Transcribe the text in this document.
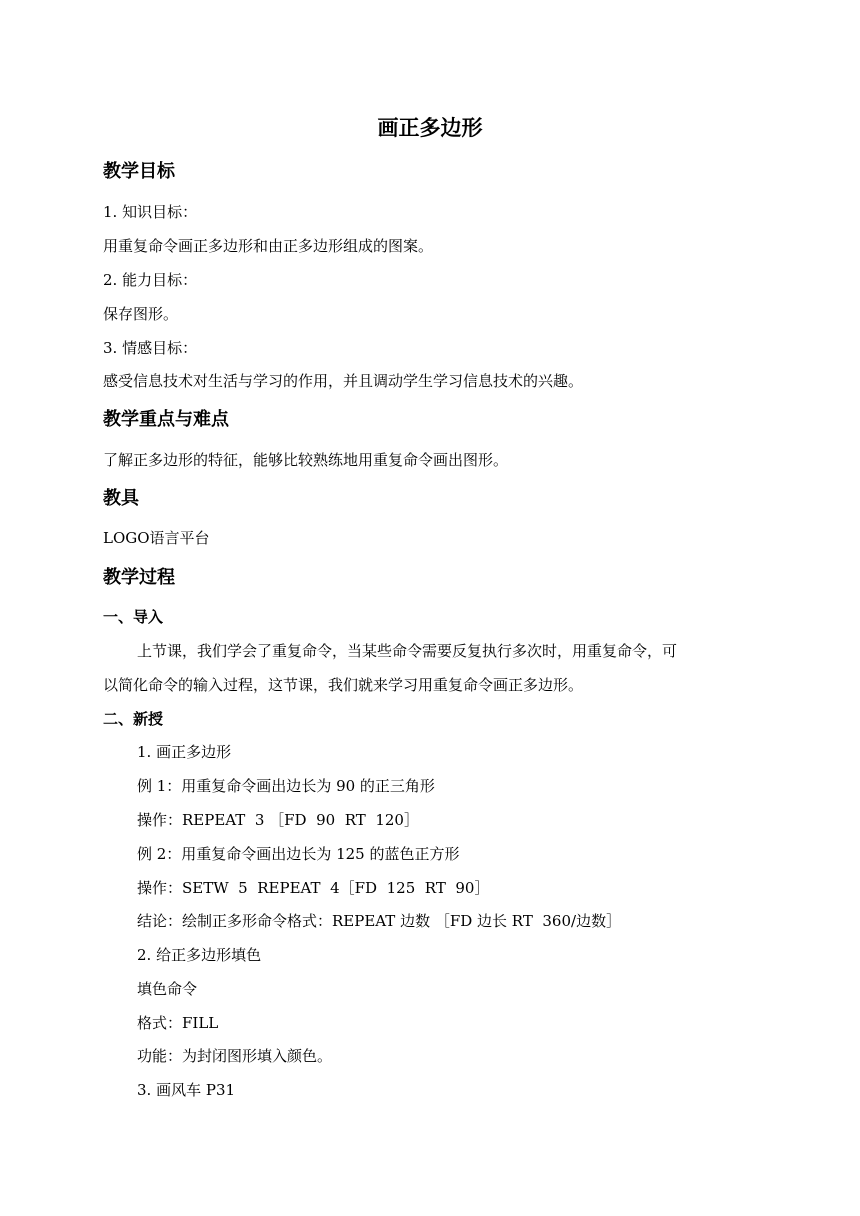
画正多边形
教学目标
1. 知识目标：
用重复命令画正多边形和由正多边形组成的图案。
2. 能力目标：
保存图形。
3. 情感目标：
感受信息技术对生活与学习的作用，并且调动学生学习信息技术的兴趣。
教学重点与难点
了解正多边形的特征，能够比较熟练地用重复命令画出图形。
教具
LOGO语言平台
教学过程
一、导入
上节课，我们学会了重复命令，当某些命令需要反复执行多次时，用重复命令，可
以简化命令的输入过程，这节课，我们就来学习用重复命令画正多边形。
二、新授
1. 画正多边形
例 1：用重复命令画出边长为 90 的正三角形
操作：REPEAT  3 ［FD  90  RT  120］
例 2：用重复命令画出边长为 125 的蓝色正方形
操作：SETW  5  REPEAT  4［FD  125  RT  90］
结论：绘制正多形命令格式：REPEAT 边数 ［FD 边长 RT  360/边数］
2. 给正多边形填色
填色命令
格式：FILL
功能：为封闭图形填入颜色。
3. 画风车 P31
